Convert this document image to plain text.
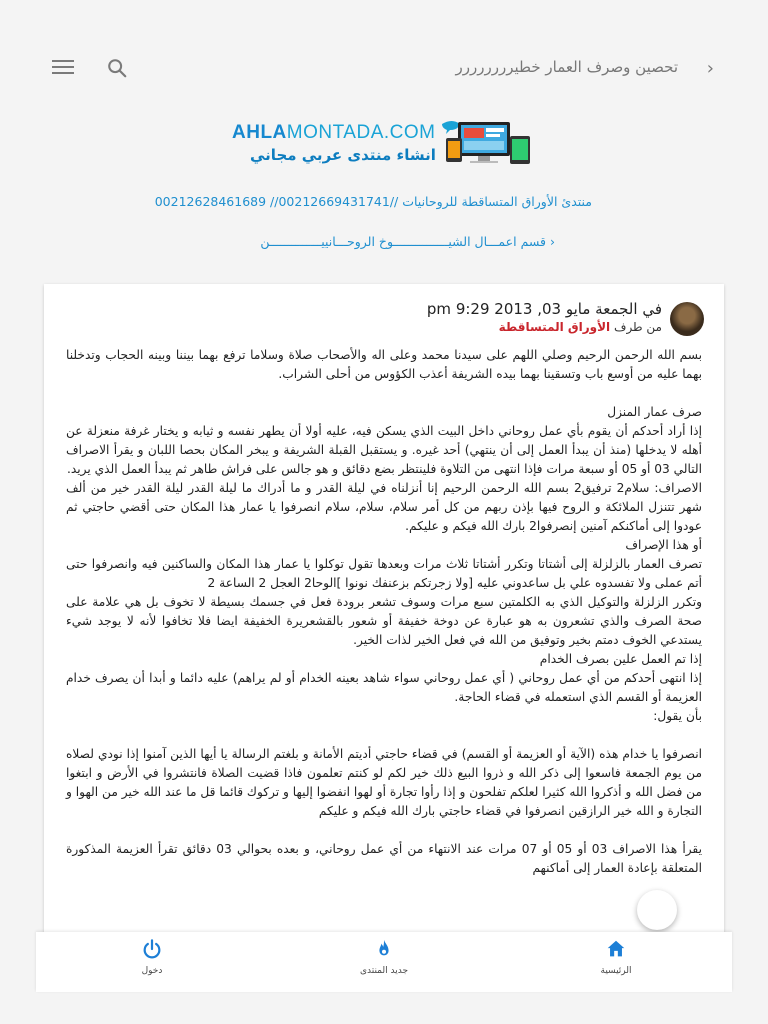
تحصين وصرف العمار خطيرررررررر ›
AHLAMONTADA.COM
انشاء منتدى عربي مجاني
منتدئ الأوراق المتساقطة للروحانيات //00212669431741// 00212628461689
‹ قسم اعمـــال الشيـــــــــــــــوخ الروحـــانييــــــــــــــن
في الجمعة مايو 03, 2013 9:29 pm
من طرف الأوراق المتساقطة

بسم الله الرحمن الرحيم وصلي اللهم على سيدنا محمد وعلى اله والأصحاب صلاة وسلاما ترفع بهما بيننا وبينه الحجاب وتدخلنا بهما عليه من أوسع باب وتسقينا بهما بيده الشريفة أعذب الكؤوس من أحلى الشراب.

صرف عمار المنزل

إذا أراد أحدكم أن يقوم بأي عمل روحاني داخل البيت الذي يسكن فيه، عليه أولا أن يطهر نفسه و ثيابه و يختار غرفة منعزلة عن أهله لا يدخلها (منذ أن يبدأ العمل إلى أن ينتهي) أحد غيره. و يستقبل القبلة الشريفة و يبخر المكان بحصا اللبان و يقرأ الاصراف التالي 03 أو 05 أو سبعة مرات فإذا انتهى من التلاوة فلينتظر بضع دقائق و هو جالس على فراش طاهر ثم يبدأ العمل الذي يريد.

الاصراف: سلام2 ترفيق2 بسم الله الرحمن الرحيم إنا أنزلناه في ليلة القدر و ما أدراك ما ليلة القدر ليلة القدر خير من ألف شهر تتنزل الملائكة و الروح فيها بإذن ربهم من كل أمر سلام، سلام، سلام انصرفوا يا عمار هذا المكان حتى أقضي حاجتي ثم عودوا إلى أماكنكم آمنين إنصرفوا2 بارك الله فيكم و عليكم.

أو هذا الإصراف

تصرف العمار بالزلزلة إلى أشتاتا وتكرر أشتاتا ثلاث مرات وبعدها تقول توكلوا يا عمار هذا المكان والساكنين فيه وانصرفوا حتى أتم عملى ولا تفسدوه علي بل ساعدوني عليه [ولا زجرتكم بزعنفك نونوا ]الوحا2 العجل 2 الساعة 2

وتكرر الزلزلة والتوكيل الذي به الكلمتين سبع مرات وسوف تشعر برودة فعل في جسمك بسيطة لا تخوف بل هي علامة على صحة الصرف والذي تشعرون به هو عبارة عن دوخة خفيفة أو شعور بالقشعريرة الخفيفة ايضا فلا تخافوا لأنه لا يوجد شيء يستدعي الخوف دمتم بخير وتوفيق من الله في فعل الخير لذات الخير.

إذا تم العمل علين بصرف الخدام

إذا انتهى أحدكم من أي عمل روحاني ( أي عمل روحاني سواء شاهد بعينه الخدام أو لم يراهم) عليه دائما و أبدا أن يصرف خدام العزيمة أو القسم الذي استعمله في قضاء الحاجة.

بأن يقول:

انصرفوا يا خدام هذه (الآية أو العزيمة أو القسم) في قضاء حاجتي أديتم الأمانة و بلغتم الرسالة يا أيها الذين آمنوا إذا نودي لصلاه من يوم الجمعة فاسعوا إلى ذكر الله و ذروا البيع ذلك خير لكم لو كنتم تعلمون فاذا قضيت الصلاة فانتشروا في الأرض و ابتغوا من فضل الله و أذكروا الله كثيرا لعلكم تفلحون و إذا رأوا تجارة أو لهوا انفضوا إليها و تركوك قائما قل ما عند الله خير من الهوا و التجارة و الله خير الرازقين انصرفوا في قضاء حاجتي بارك الله فيكم و عليكم

يقرأ هذا الاصراف 03 أو 05 أو 07 مرات عند الانتهاء من أي عمل روحاني، و بعده بحوالي 03 دقائق تقرأ العزيمة المذكورة المتعلقة بإعادة العمار إلى أماكنهم

دخول	جديد المنتدى	الرئيسية
